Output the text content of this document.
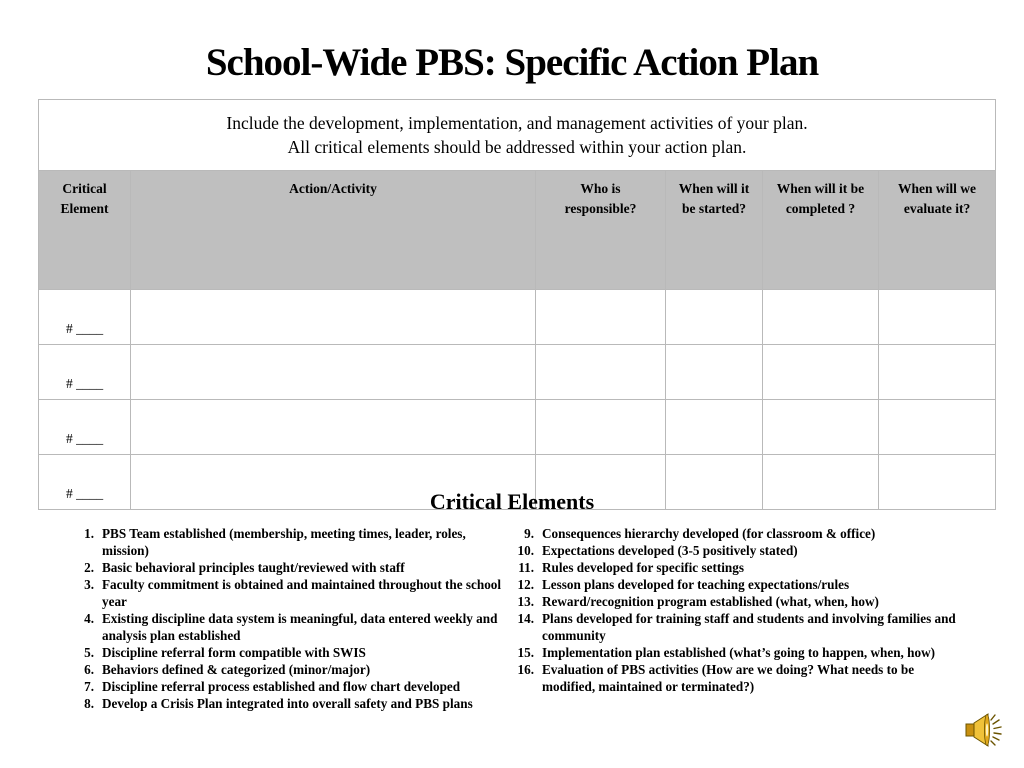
School-Wide PBS: Specific Action Plan
Include the development, implementation, and management activities of your plan.
All critical elements should be addressed within your action plan.					

Critical Element	Action/Activity	Who is responsible?	When will it be started?	When will it be completed ?	When will we evaluate it?
# ____					
# ____					
# ____					
# ____						Critical Elements
1. PBS Team established (membership, meeting times, leader, roles, mission)
2. Basic behavioral principles taught/reviewed with staff
3. Faculty commitment is obtained and maintained throughout the school year
4. Existing discipline data system is meaningful, data entered weekly and analysis plan established
5. Discipline referral form compatible with SWIS
6. Behaviors defined & categorized (minor/major)
7. Discipline referral process established and flow chart developed
8. Develop a Crisis Plan integrated into overall safety and PBS plans
9. Consequences hierarchy developed (for classroom & office)
10. Expectations developed (3-5 positively stated)
11. Rules developed for specific settings
12. Lesson plans developed for teaching expectations/rules
13. Reward/recognition program established (what, when, how)
14. Plans developed for training staff and students and involving families and community
15. Implementation plan established (what’s going to happen, when, how)
16. Evaluation of PBS activities (How are we doing? What needs to be modified, maintained or terminated?)
